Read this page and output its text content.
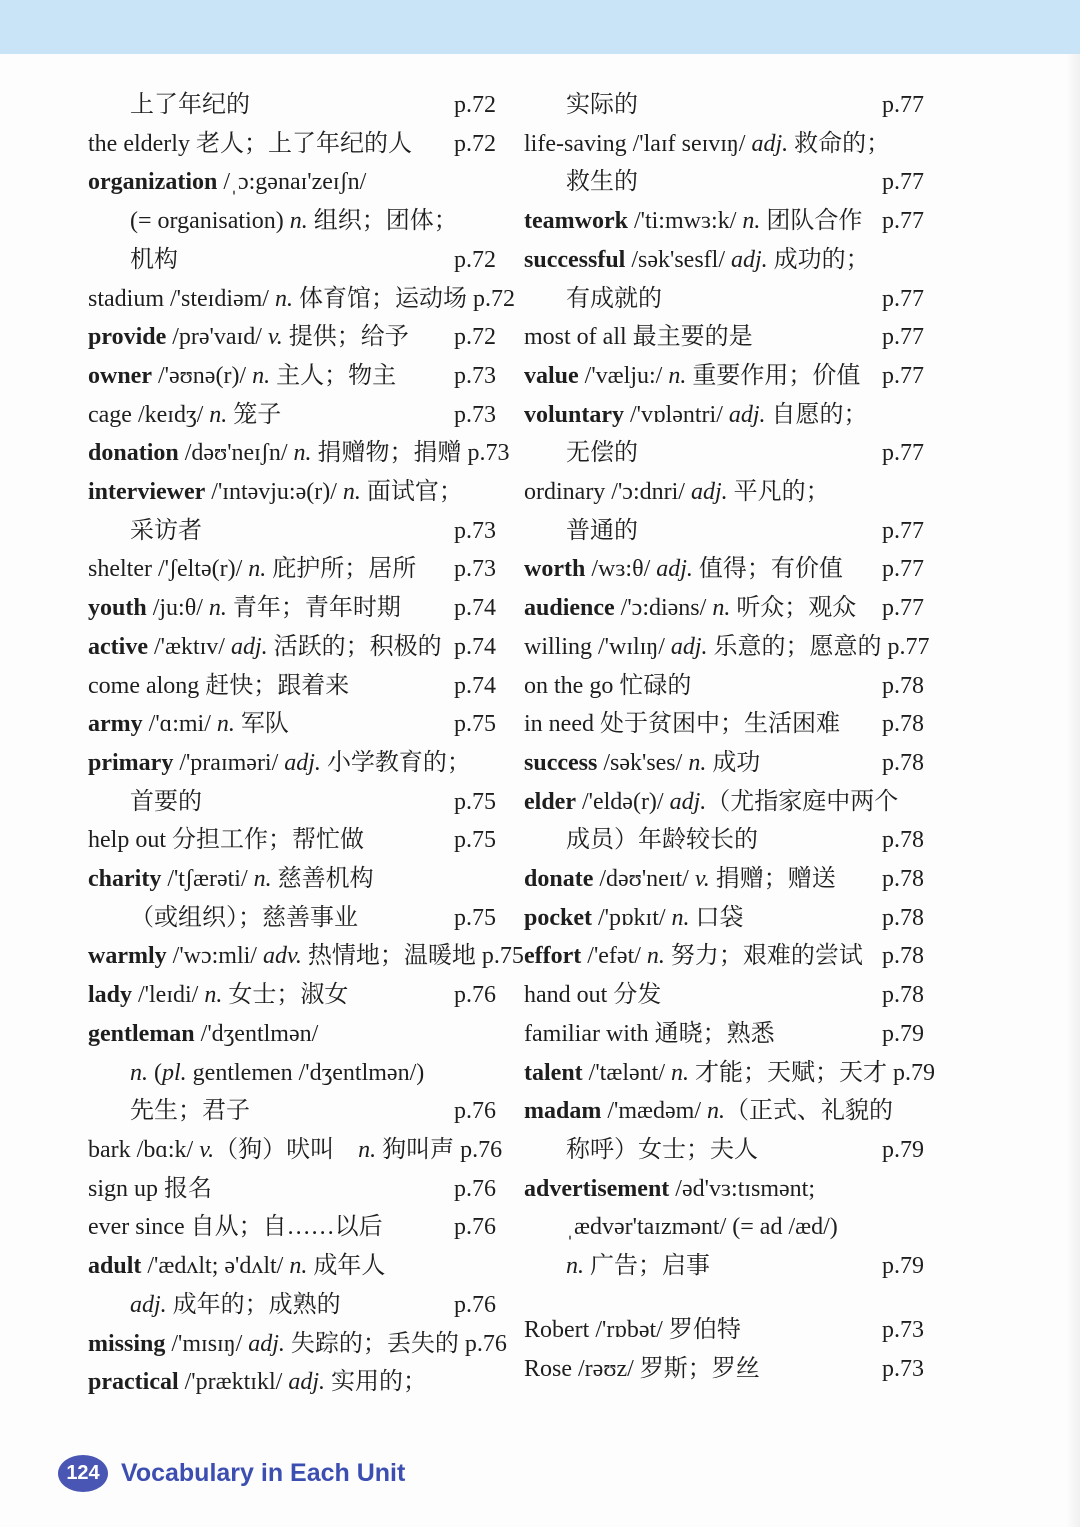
上了年纪的	p.72
the elderly 老人；上了年纪的人 p.72
organization /ˌɔ:gənaɪ'zeɪʃn/
(= organisation) n. 组织；团体；
机构	p.72
stadium /'steɪdiəm/ n. 体育馆；运动场 p.72
provide /prə'vaɪd/ v. 提供；给予 p.72
owner /'əʊnə(r)/ n. 主人；物主 p.73
cage /keɪdʒ/ n. 笼子	p.73
donation /dəʊ'neɪʃn/ n. 捐赠物；捐赠 p.73
interviewer /'ɪntəvju:ə(r)/ n. 面试官；
采访者	p.73
shelter /'ʃeltə(r)/ n. 庇护所；居所 p.73
youth /ju:θ/ n. 青年；青年时期 p.74
active /'æktɪv/ adj. 活跃的；积极的 p.74
come along 赶快；跟着来	p.74
army /'ɑ:mi/ n. 军队	p.75
primary /'praɪməri/ adj. 小学教育的；
首要的	p.75
help out 分担工作；帮忙做	p.75
charity /'tʃærəti/ n. 慈善机构
（或组织）；慈善事业	p.75
warmly /'wɔ:mli/ adv. 热情地；温暖地 p.75
lady /'leɪdi/ n. 女士；淑女	p.76
gentleman /'dʒentlmən/
n. (pl. gentlemen /'dʒentlmən/)
先生；君子	p.76
bark /bɑ:k/ v.（狗）吠叫　n. 狗叫声 p.76
sign up 报名	p.76
ever since 自从；自……以后	p.76
adult /'ædʌlt; ə'dʌlt/ n. 成年人
adj. 成年的；成熟的	p.76
missing /'mɪsɪŋ/ adj. 失踪的；丢失的 p.76
practical /'præktɪkl/ adj. 实用的；
实际的	p.77
life-saving /'laɪf seɪvɪŋ/ adj. 救命的；
救生的	p.77
teamwork /'ti:mwɜ:k/ n. 团队合作 p.77
successful /sək'sesfl/ adj. 成功的；
有成就的	p.77
most of all 最主要的是	p.77
value /'vælju:/ n. 重要作用；价值 p.77
voluntary /'vɒləntri/ adj. 自愿的；
无偿的	p.77
ordinary /'ɔ:dnri/ adj. 平凡的；
普通的	p.77
worth /wɜ:θ/ adj. 值得；有价值 p.77
audience /'ɔ:diəns/ n. 听众；观众 p.77
willing /'wɪlɪŋ/ adj. 乐意的；愿意的 p.77
on the go 忙碌的	p.78
in need 处于贫困中；生活困难 p.78
success /sək'ses/ n. 成功	p.78
elder /'eldə(r)/ adj.（尤指家庭中两个
成员）年龄较长的	p.78
donate /dəʊ'neɪt/ v. 捐赠；赠送 p.78
pocket /'pɒkɪt/ n. 口袋	p.78
effort /'efət/ n. 努力；艰难的尝试 p.78
hand out 分发	p.78
familiar with 通晓；熟悉	p.79
talent /'tælənt/ n. 才能；天赋；天才 p.79
madam /'mædəm/ n.（正式、礼貌的
称呼）女士；夫人	p.79
advertisement /əd'vɜ:tɪsmənt;
ˌædvər'taɪzmənt/ (= ad /æd/)
n. 广告；启事	p.79
Robert /'rɒbət/ 罗伯特	p.73
Rose /rəʊz/ 罗斯；罗丝	p.73
124 Vocabulary in Each Unit
